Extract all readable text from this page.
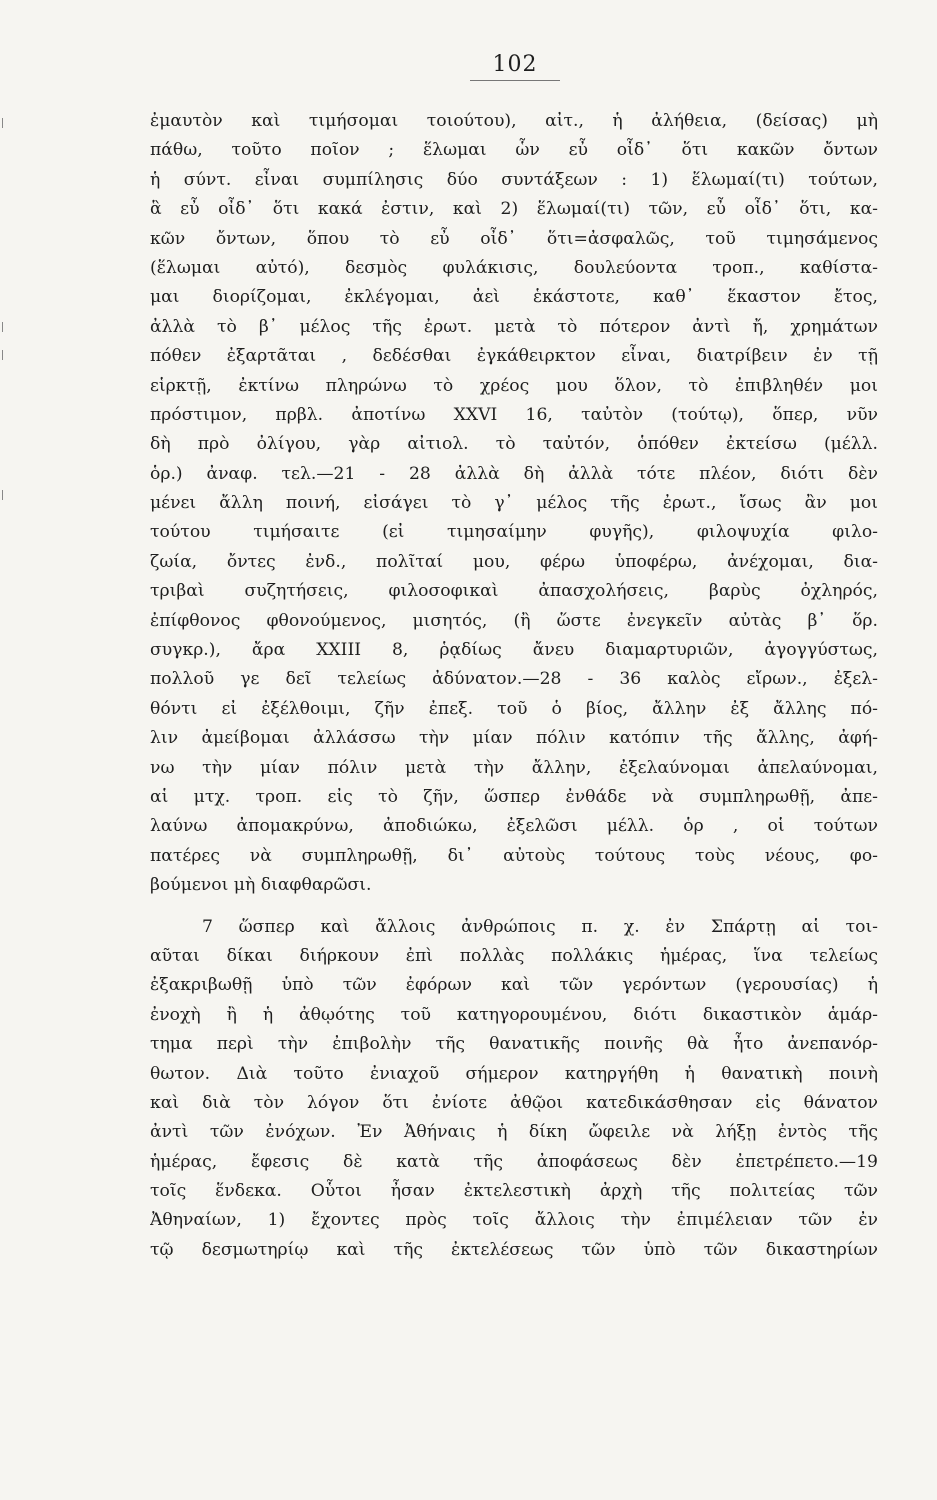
102
ἐμαυτὸν καὶ τιμήσομαι τοιούτου), αἰτ., ἡ ἀλήθεια, (δείσας) μὴ
πάθω, τοῦτο ποῖον ; ἕλωμαι ὧν εὖ οἶδ᾿ ὅτι κακῶν ὄντων
ἡ σύντ. εἶναι συμπίλησις δύο συντάξεων : 1) ἕλωμαί(τι) τούτων,
ἃ εὖ οἶδ᾿ ὅτι κακά ἐστιν, καὶ 2) ἕλωμαί(τι) τῶν, εὖ οἶδ᾿ ὅτι, κα-
κῶν ὄντων, ὅπου τὸ εὖ οἶδ᾿ ὅτι=ἀσφαλῶς, τοῦ τιμησάμενος
(ἕλωμαι αὐτό), δεσμὸς φυλάκισις, δουλεύοντα τροπ., καθίστα-
μαι διορίζομαι, ἐκλέγομαι, ἀεὶ ἑκάστοτε, καθ᾿ ἕκαστον ἔτος,
ἀλλὰ τὸ β᾿ μέλος τῆς ἐρωτ. μετὰ τὸ πότερον ἀντὶ ἤ, χρημάτων
πόθεν ἐξαρτᾶται , δεδέσθαι ἐγκάθειρκτον εἶναι, διατρίβειν ἐν τῇ
εἱρκτῇ, ἐκτίνω πληρώνω τὸ χρέος μου ὅλον, τὸ ἐπιβληθέν μοι
πρόστιμον, πρβλ. ἀποτίνω XXVI 16, ταὐτὸν (τούτῳ), ὅπερ, νῦν
δὴ πρὸ ὀλίγου, γὰρ αἰτιολ. τὸ ταὐτόν, ὁπόθεν ἐκτείσω (μέλλ.
ὁρ.) ἀναφ. τελ.—21 - 28 ἀλλὰ δὴ ἀλλὰ τότε πλέον, διότι δὲν
μένει ἄλλη ποινή, εἰσάγει τὸ γ᾿ μέλος τῆς ἐρωτ., ἴσως ἂν μοι
τούτου τιμήσαιτε (εἰ τιμησαίμην φυγῆς), φιλοψυχία φιλο-
ζωία, ὄντες ἐνδ., πολῖταί μου, φέρω ὑποφέρω, ἀνέχομαι, δια-
τριβαὶ συζητήσεις, φιλοσοφικαὶ ἀπασχολήσεις, βαρὺς ὀχληρός,
ἐπίφθονος φθονούμενος, μισητός, (ἢ ὥστε ἐνεγκεῖν αὐτὰς β᾿ ὅρ.
συγκρ.), ἄρα XXIII 8, ῥᾳδίως ἄνευ διαμαρτυριῶν, ἀγογγύστως,
πολλοῦ γε δεῖ τελείως ἀδύνατον.—28 - 36 καλὸς εἴρων., ἐξελ-
θόντι εἰ ἐξέλθοιμι, ζῆν ἐπεξ. τοῦ ὁ βίος, ἄλλην ἐξ ἄλλης πό-
λιν ἀμείβομαι ἀλλάσσω τὴν μίαν πόλιν κατόπιν τῆς ἄλλης, ἀφή-
νω τὴν μίαν πόλιν μετὰ τὴν ἄλλην, ἐξελαύνομαι ἀπελαύνομαι,
αἱ μτχ. τροπ. εἰς τὸ ζῆν, ὥσπερ ἐνθάδε νὰ συμπληρωθῇ, ἀπε-
λαύνω ἀπομακρύνω, ἀποδιώκω, ἐξελῶσι μέλλ. ὁρ , οἱ τούτων
πατέρες νὰ συμπληρωθῇ, δι᾿ αὐτοὺς τούτους τοὺς νέους, φο-
βούμενοι μὴ διαφθαρῶσι.
7 ὥσπερ καὶ ἄλλοις ἀνθρώποις π. χ. ἐν Σπάρτῃ αἱ τοι-
αῦται δίκαι διήρκουν ἐπὶ πολλὰς πολλάκις ἡμέρας, ἵνα τελείως
ἐξακριβωθῇ ὑπὸ τῶν ἐφόρων καὶ τῶν γερόντων (γερουσίας) ἡ
ἐνοχὴ ἢ ἡ ἀθῳότης τοῦ κατηγορουμένου, διότι δικαστικὸν ἁμάρ-
τημα περὶ τὴν ἐπιβολὴν τῆς θανατικῆς ποινῆς θὰ ἦτο ἀνεπανόρ-
θωτον. Διὰ τοῦτο ἐνιαχοῦ σήμερον κατηργήθη ἡ θανατικὴ ποινὴ
καὶ διὰ τὸν λόγον ὅτι ἐνίοτε ἀθῷοι κατεδικάσθησαν εἰς θάνατον
ἀντὶ τῶν ἐνόχων. Ἐν Ἀθήναις ἡ δίκη ὤφειλε νὰ λήξῃ ἐντὸς τῆς
ἡμέρας, ἔφεσις δὲ κατὰ τῆς ἀποφάσεως δὲν ἐπετρέπετο.—19
τοῖς ἕνδεκα. Οὗτοι ἦσαν ἐκτελεστικὴ ἀρχὴ τῆς πολιτείας τῶν
Ἀθηναίων, 1) ἔχοντες πρὸς τοῖς ἄλλοις τὴν ἐπιμέλειαν τῶν ἐν
τῷ δεσμωτηρίῳ καὶ τῆς ἐκτελέσεως τῶν ὑπὸ τῶν δικαστηρίων
